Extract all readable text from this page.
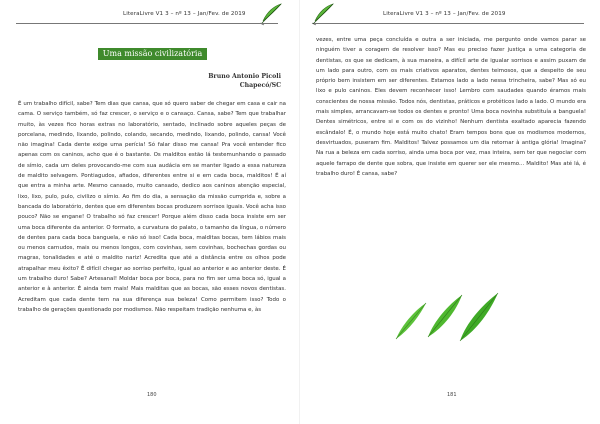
LiteraLivre V1 3 – nº 13 – Jan/Fev. de 2019
Uma missão civilizatória
Bruno Antonio Picoli
Chapecó/SC

É um trabalho difícil, sabe? Tem dias que cansa, que só quero saber de chegar em casa e cair na cama. O serviço também, só faz crescer, o serviço e o cansaço. Cansa, sabe? Tem que trabalhar muito, às vezes fico horas extras no laboratório, sentado, inclinado sobre aqueles peças de porcelana, medindo, lixando, polindo, colando, secando, medindo, lixando, polindo, cansa! Você não imagina! Cada dente exige uma perícia! Só falar disso me cansa! Pra você entender fico apenas com os caninos, acho que é o bastante. Os malditos estão lá testemunhando o passado de símio, cada um deles provocando-me com sua audácia em se manter ligado a essa natureza de maldito selvagem. Pontiagudos, afiados, diferentes entre si e em cada boca, malditos! É aí que entra a minha arte. Mesmo cansado, muito cansado, dedico aos caninos atenção especial, lixo, lixo, pulo, pulo, civilizo o símio. Ao fim do dia, a sensação da missão cumprida e, sobre a bancada do laboratório, dentes que em diferentes bocas produzem sorrisos iguais. Você acha isso pouco? Não se engane! O trabalho só faz crescer! Porque além disso cada boca insiste em ser uma boca diferente da anterior. O formato, a curvatura do palato, o tamanho da língua, o número de dentes para cada boca banguela, e não só isso! Cada boca, malditas bocas, tem lábios mais ou menos carnudos, mais ou menos longos, com covinhas, sem covinhas, bochechas gordas ou magras, tonalidades e até o maldito nariz! Acredita que até a distância entre os olhos pode atrapalhar meu êxito? É difícil chegar ao sorriso perfeito, igual ao anterior e ao anterior deste. É um trabalho duro! Sabe? Artesanal! Moldar boca por boca, para no fim ser uma boca só, igual a anterior e à anterior. É ainda tem mais! Mais malditas que as bocas, são esses novos dentistas. Acreditam que cada dente tem na sua diferença sua beleza! Como permitem isso? Todo o trabalho de gerações questionado por modismos. Não respeitam tradição nenhuma e, às

180
LiteraLivre V1 3 – nº 13 – Jan/Fev. de 2019

vezes, entre uma peça concluída e outra a ser iniciada, me pergunto onde vamos parar se ninguém tiver a coragem de resolver isso? Mas eu preciso fazer justiça a uma categoria de dentistas, os que se dedicam, à sua maneira, a difícil arte de igualar sorrisos e assim puxam de um lado para outro, com os mais criativos aparatos, dentes teimosos, que a despeito de seu próprio bem insistem em ser diferentes. Estamos lado a lado nessa trincheira, sabe? Mas só eu lixo e pulo caninos. Eles devem reconhecer isso! Lembro com saudades quando éramos mais conscientes de nossa missão. Todos nós, dentistas, práticos e protéticos lado a lado. O mundo era mais simples, arrancavam-se todos os dentes e pronto! Uma boca novinha substituía a banguela! Dentes simétricos, entre si e com os do vizinho! Nenhum dentista exaltado aparecia fazendo escândalo! É, o mundo hoje está muito chato! Eram tempos bons que os modismos modernos, desvirtuados, puseram fim. Malditos! Talvez possamos um dia retornar à antiga glória! Imagina? Na rua a beleza em cada sorriso, ainda uma boca por vez, mas inteira, sem ter que negociar com aquele farrapo de dente que sobra, que insiste em querer ser ele mesmo... Maldito! Mas até lá, é trabalho duro! É cansa, sabe?

181
